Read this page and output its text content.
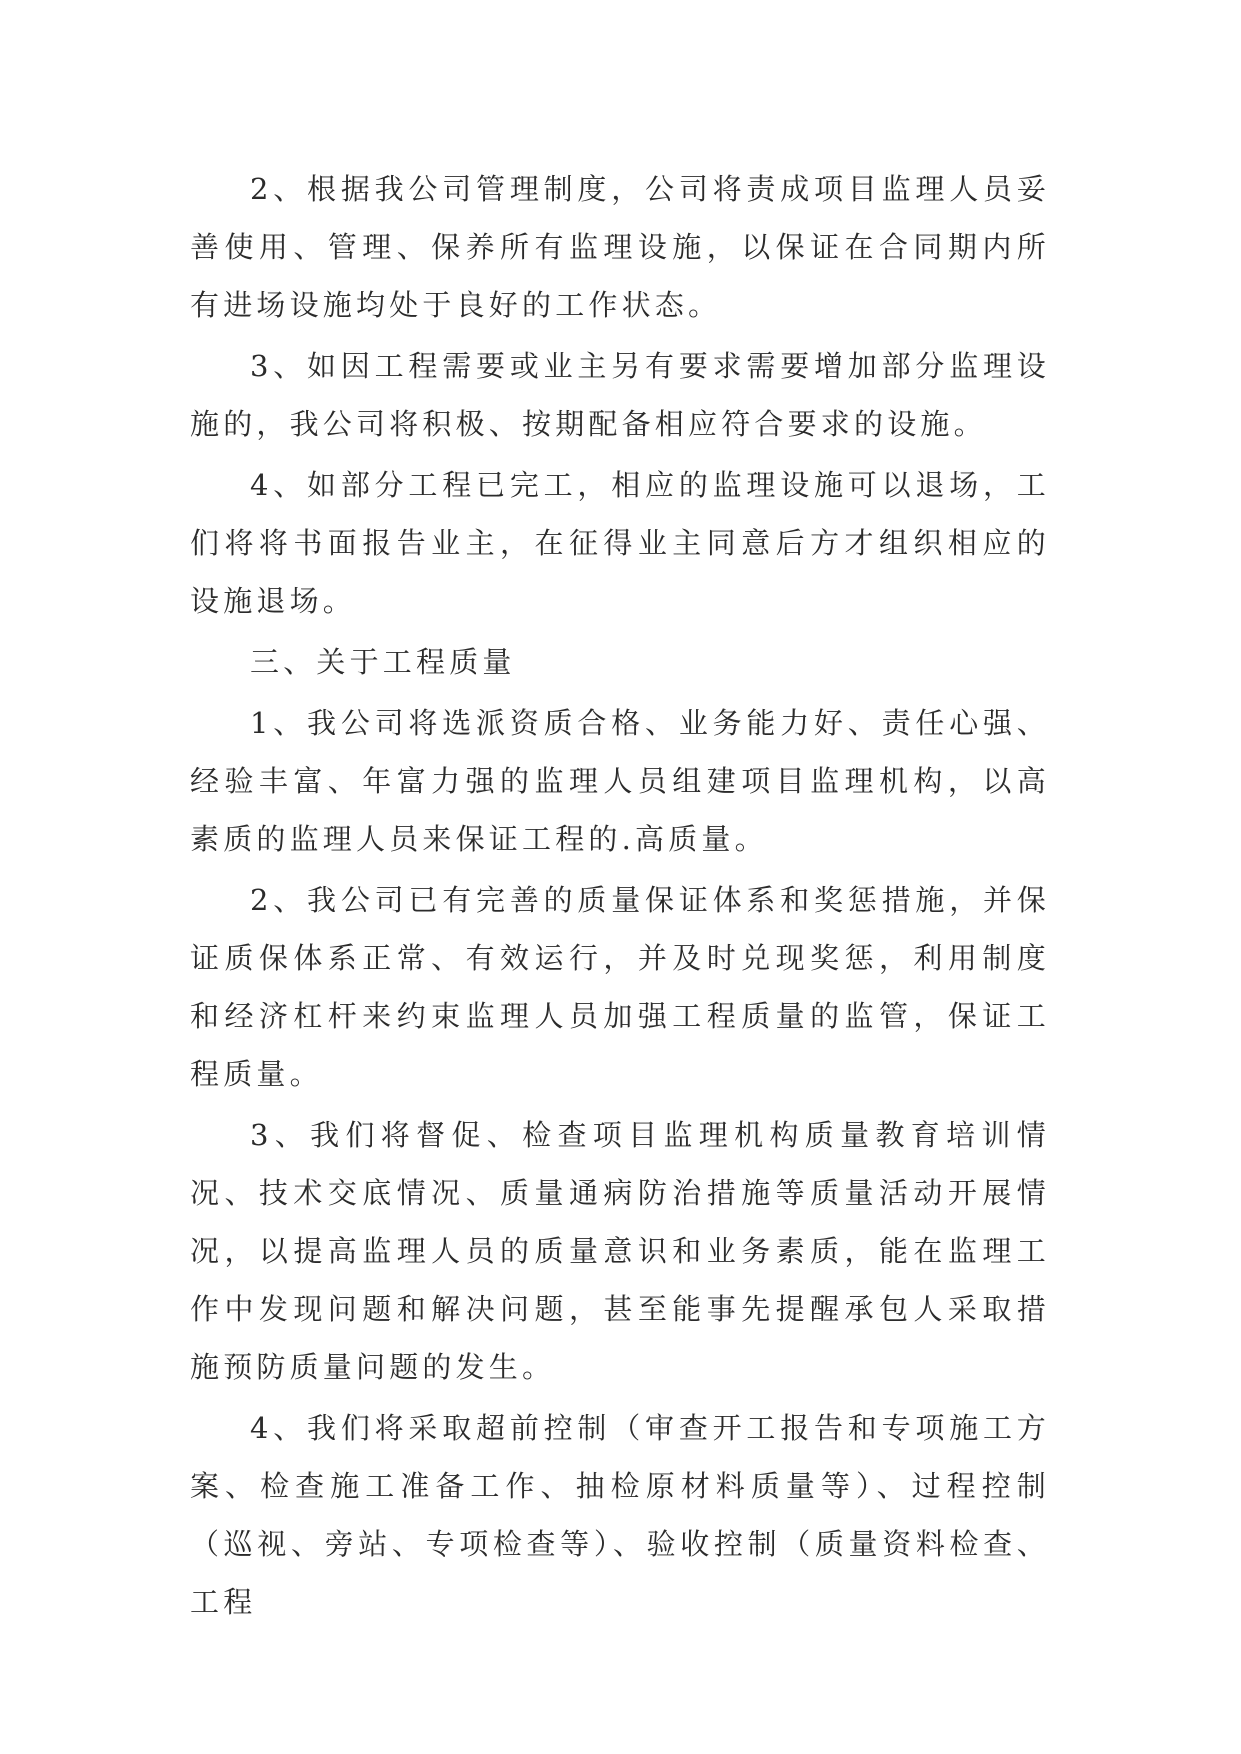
2、根据我公司管理制度，公司将责成项目监理人员妥善使用、管理、保养所有监理设施，以保证在合同期内所有进场设施均处于良好的工作状态。

3、如因工程需要或业主另有要求需要增加部分监理设施的，我公司将积极、按期配备相应符合要求的设施。

4、如部分工程已完工，相应的监理设施可以退场，工们将将书面报告业主，在征得业主同意后方才组织相应的设施退场。

三、关于工程质量

1、我公司将选派资质合格、业务能力好、责任心强、经验丰富、年富力强的监理人员组建项目监理机构，以高素质的监理人员来保证工程的.高质量。

2、我公司已有完善的质量保证体系和奖惩措施，并保证质保体系正常、有效运行，并及时兑现奖惩，利用制度和经济杠杆来约束监理人员加强工程质量的监管，保证工程质量。

3、我们将督促、检查项目监理机构质量教育培训情况、技术交底情况、质量通病防治措施等质量活动开展情况，以提高监理人员的质量意识和业务素质，能在监理工作中发现问题和解决问题，甚至能事先提醒承包人采取措施预防质量问题的发生。

4、我们将采取超前控制（审查开工报告和专项施工方案、检查施工准备工作、抽检原材料质量等）、过程控制（巡视、旁站、专项检查等）、验收控制（质量资料检查、工程
